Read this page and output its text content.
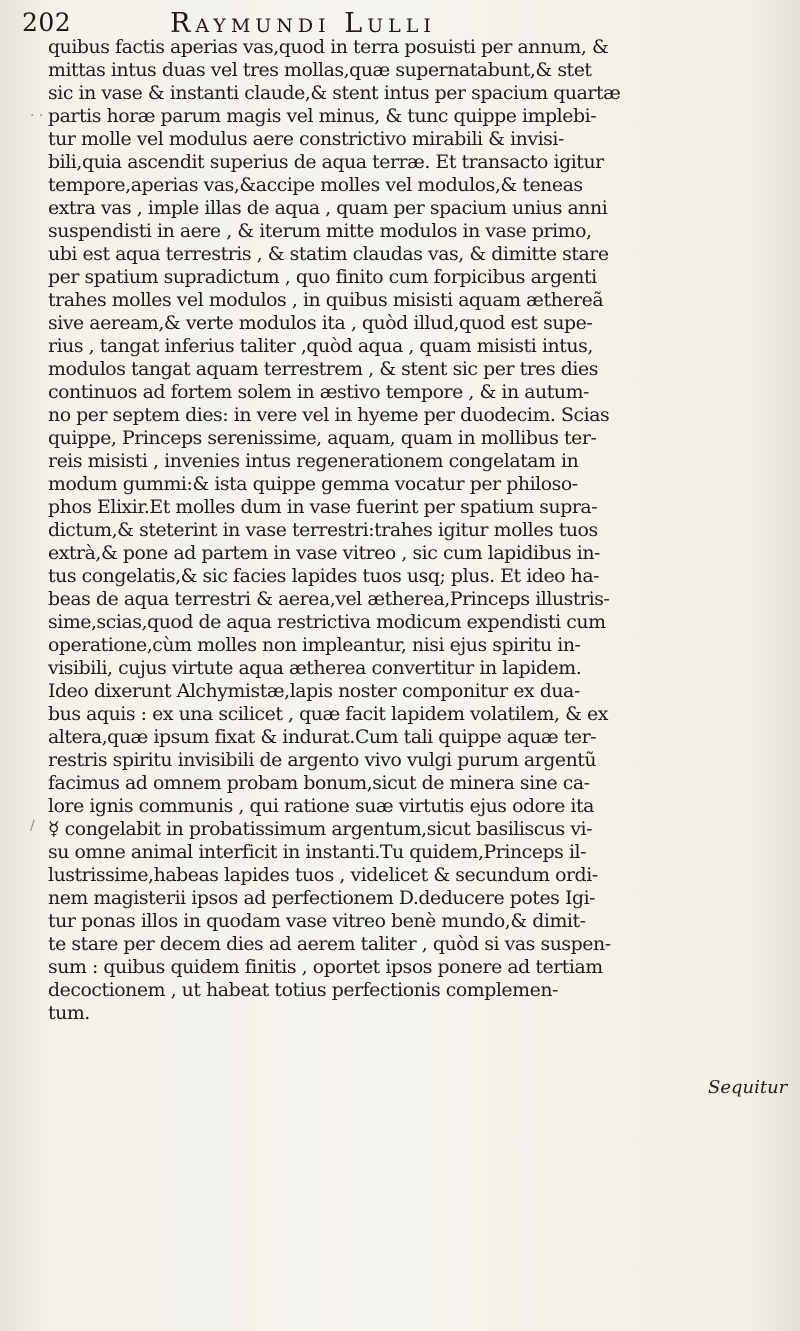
202	Raymundi Lulli
quibus factis aperias vas,quod in terra posuisti per annum, &
mittas intus duas vel tres mollas,quæ supernatabunt,& stet
sic in vase & instanti claude,& stent intus per spacium quartæ
partis horæ parum magis vel minus, & tunc quippe implebi-
tur molle vel modulus aere constrictivo mirabili & invisi-
bili,quia ascendit superius de aqua terræ. Et transacto igitur
tempore,aperias vas,&accipe molles vel modulos,& teneas
extra vas , imple illas de aqua , quam per spacium unius anni
suspendisti in aere , & iterum mitte modulos in vase primo,
ubi est aqua terrestris , & statim claudas vas, & dimitte stare
per spatium supradictum , quo finito cum forpicibus argenti
trahes molles vel modulos , in quibus misisti aquam æthereã
sive aeream,& verte modulos ita , quòd illud,quod est supe-
rius , tangat inferius taliter ,quòd aqua , quam misisti intus,
modulos tangat aquam terrestrem , & stent sic per tres dies
continuos ad fortem solem in æstivo tempore , & in autum-
no per septem dies: in vere vel in hyeme per duodecim. Scias
quippe, Princeps serenissime, aquam, quam in mollibus ter-
reis misisti , invenies intus regenerationem congelatam in
modum gummi:& ista quippe gemma vocatur per philoso-
phos Elixir.Et molles dum in vase fuerint per spatium supra-
dictum,& steterint in vase terrestri:trahes igitur molles tuos
extrà,& pone ad partem in vase vitreo , sic cum lapidibus in-
tus congelatis,& sic facies lapides tuos usq; plus. Et ideo ha-
beas de aqua terrestri & aerea,vel ætherea,Princeps illustris-
sime,scias,quod de aqua restrictiva modicum expendisti cum
operatione,cùm molles non impleantur, nisi ejus spiritu in-
visibili, cujus virtute aqua ætherea convertitur in lapidem.
Ideo dixerunt Alchymistæ,lapis noster componitur ex dua-
bus aquis : ex una scilicet , quæ facit lapidem volatilem, & ex
altera,quæ ipsum fixat & indurat.Cum tali quippe aquæ ter-
restris spiritu invisibili de argento vivo vulgi purum argentũ
facimus ad omnem probam bonum,sicut de minera sine ca-
lore ignis communis , qui ratione suæ virtutis ejus odore ita
☿ congelabit in probatissimum argentum,sicut basiliscus vi-
su omne animal interficit in instanti.Tu quidem,Princeps il-
lustrissime,habeas lapides tuos , videlicet & secundum ordi-
nem magisterii ipsos ad perfectionem D.deducere potes Igi-
tur ponas illos in quodam vase vitreo benè mundo,& dimit-
te stare per decem dies ad aerem taliter , quòd si vas suspen-
sum : quibus quidem finitis , oportet ipsos ponere ad tertiam
decoctionem , ut habeat totius perfectionis complemen-
tum.
Sequitur
· ·
/
